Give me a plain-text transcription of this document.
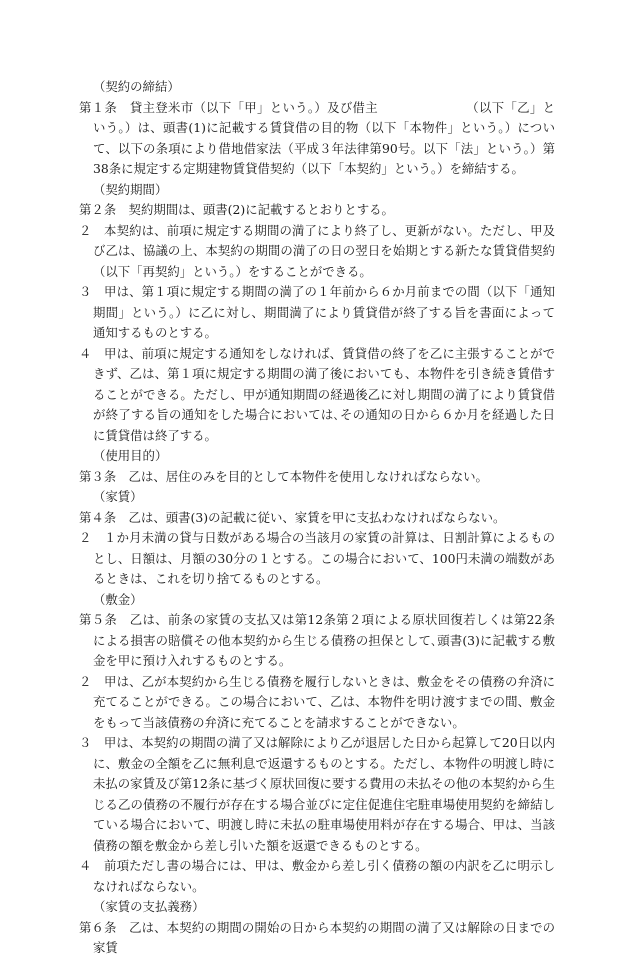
（契約の締結）
第１条　貸主登米市（以下「甲」という。）及び借主	（以下「乙」という。）は、頭書(1)に記載する賃貸借の目的物（以下「本物件」という。）について、以下の条項により借地借家法（平成３年法律第90号。以下「法」という。）第38条に規定する定期建物賃貸借契約（以下「本契約」という。）を締結する。
（契約期間）
第２条　契約期間は、頭書(2)に記載するとおりとする。
２　本契約は、前項に規定する期間の満了により終了し、更新がない。ただし、甲及び乙は、協議の上、本契約の期間の満了の日の翌日を始期とする新たな賃貸借契約（以下「再契約」という。）をすることができる。
３　甲は、第１項に規定する期間の満了の１年前から６か月前までの間（以下「通知期間」という。）に乙に対し、期間満了により賃貸借が終了する旨を書面によって通知するものとする。
４　甲は、前項に規定する通知をしなければ、賃貸借の終了を乙に主張することができず、乙は、第１項に規定する期間の満了後においても、本物件を引き続き賃借することができる。ただし、甲が通知期間の経過後乙に対し期間の満了により賃貸借が終了する旨の通知をした場合においては､その通知の日から６か月を経過した日に賃貸借は終了する。
（使用目的）
第３条　乙は、居住のみを目的として本物件を使用しなければならない。
（家賃）
第４条　乙は、頭書(3)の記載に従い、家賃を甲に支払わなければならない。
２　１か月未満の貸与日数がある場合の当該月の家賃の計算は、日割計算によるものとし、日額は、月額の30分の１とする。この場合において、100円未満の端数があるときは、これを切り捨てるものとする。
（敷金）
第５条　乙は、前条の家賃の支払又は第12条第２項による原状回復若しくは第22条による損害の賠償その他本契約から生じる債務の担保として､頭書(3)に記載する敷金を甲に預け入れするものとする。
２　甲は、乙が本契約から生じる債務を履行しないときは、敷金をその債務の弁済に充てることができる。この場合において、乙は、本物件を明け渡すまでの間、敷金をもって当該債務の弁済に充てることを請求することができない。
３　甲は、本契約の期間の満了又は解除により乙が退居した日から起算して20日以内に、敷金の全額を乙に無利息で返還するものとする。ただし、本物件の明渡し時に未払の家賃及び第12条に基づく原状回復に要する費用の未払その他の本契約から生じる乙の債務の不履行が存在する場合並びに定住促進住宅駐車場使用契約を締結している場合において、明渡し時に未払の駐車場使用料が存在する場合、甲は、当該債務の額を敷金から差し引いた額を返還できるものとする。
４　前項ただし書の場合には、甲は、敷金から差し引く債務の額の内訳を乙に明示しなければならない。
（家賃の支払義務）
第６条　乙は、本契約の期間の開始の日から本契約の期間の満了又は解除の日までの家賃
